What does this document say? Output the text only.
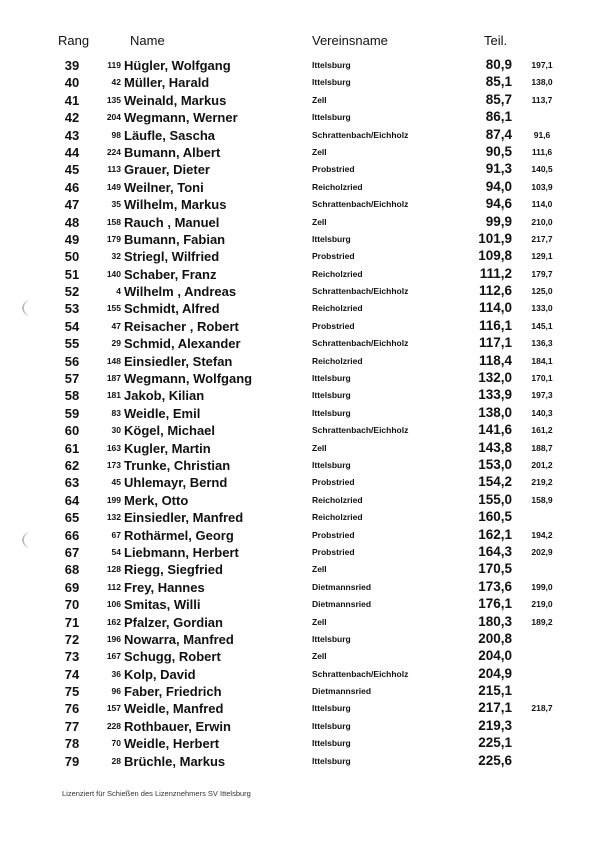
Rang	Name	Vereinsname	Teil.
39	119 Hügler, Wolfgang	Ittelsburg	80,9	197,1
40	42 Müller, Harald	Ittelsburg	85,1	138,0
41	135 Weinald, Markus	Zell	85,7	113,7
42	204 Wegmann, Werner	Ittelsburg	86,1
43	98 Läufle, Sascha	Schrattenbach/Eichholz	87,4	91,6
44	224 Bumann, Albert	Zell	90,5	111,6
45	113 Grauer, Dieter	Probstried	91,3	140,5
46	149 Weilner, Toni	Reicholzried	94,0	103,9
47	35 Wilhelm, Markus	Schrattenbach/Eichholz	94,6	114,0
48	158 Rauch , Manuel	Zell	99,9	210,0
49	179 Bumann, Fabian	Ittelsburg	101,9	217,7
50	32 Striegl, Wilfried	Probstried	109,8	129,1
51	140 Schaber, Franz	Reicholzried	111,2	179,7
52	4 Wilhelm , Andreas	Schrattenbach/Eichholz	112,6	125,0
53	155 Schmidt, Alfred	Reicholzried	114,0	133,0
54	47 Reisacher , Robert	Probstried	116,1	145,1
55	29 Schmid, Alexander	Schrattenbach/Eichholz	117,1	136,3
56	148 Einsiedler, Stefan	Reicholzried	118,4	184,1
57	187 Wegmann, Wolfgang	Ittelsburg	132,0	170,1
58	181 Jakob, Kilian	Ittelsburg	133,9	197,3
59	83 Weidle, Emil	Ittelsburg	138,0	140,3
60	30 Kögel, Michael	Schrattenbach/Eichholz	141,6	161,2
61	163 Kugler, Martin	Zell	143,8	188,7
62	173 Trunke, Christian	Ittelsburg	153,0	201,2
63	45 Uhlemayr, Bernd	Probstried	154,2	219,2
64	199 Merk, Otto	Reicholzried	155,0	158,9
65	132 Einsiedler, Manfred	Reicholzried	160,5
66	67 Rothärmel, Georg	Probstried	162,1	194,2
67	54 Liebmann, Herbert	Probstried	164,3	202,9
68	128 Riegg, Siegfried	Zell	170,5
69	112 Frey, Hannes	Dietmannsried	173,6	199,0
70	106 Smitas, Willi	Dietmannsried	176,1	219,0
71	162 Pfalzer, Gordian	Zell	180,3	189,2
72	196 Nowarra, Manfred	Ittelsburg	200,8
73	167 Schugg, Robert	Zell	204,0
74	36 Kolp, David	Schrattenbach/Eichholz	204,9
75	96 Faber, Friedrich	Dietmannsried	215,1
76	157 Weidle, Manfred	Ittelsburg	217,1	218,7
77	228 Rothbauer, Erwin	Ittelsburg	219,3
78	70 Weidle, Herbert	Ittelsburg	225,1
79	28 Brüchle, Markus	Ittelsburg	225,6
Lizenziert für Schießen des Lizenznehmers SV Ittelsburg
